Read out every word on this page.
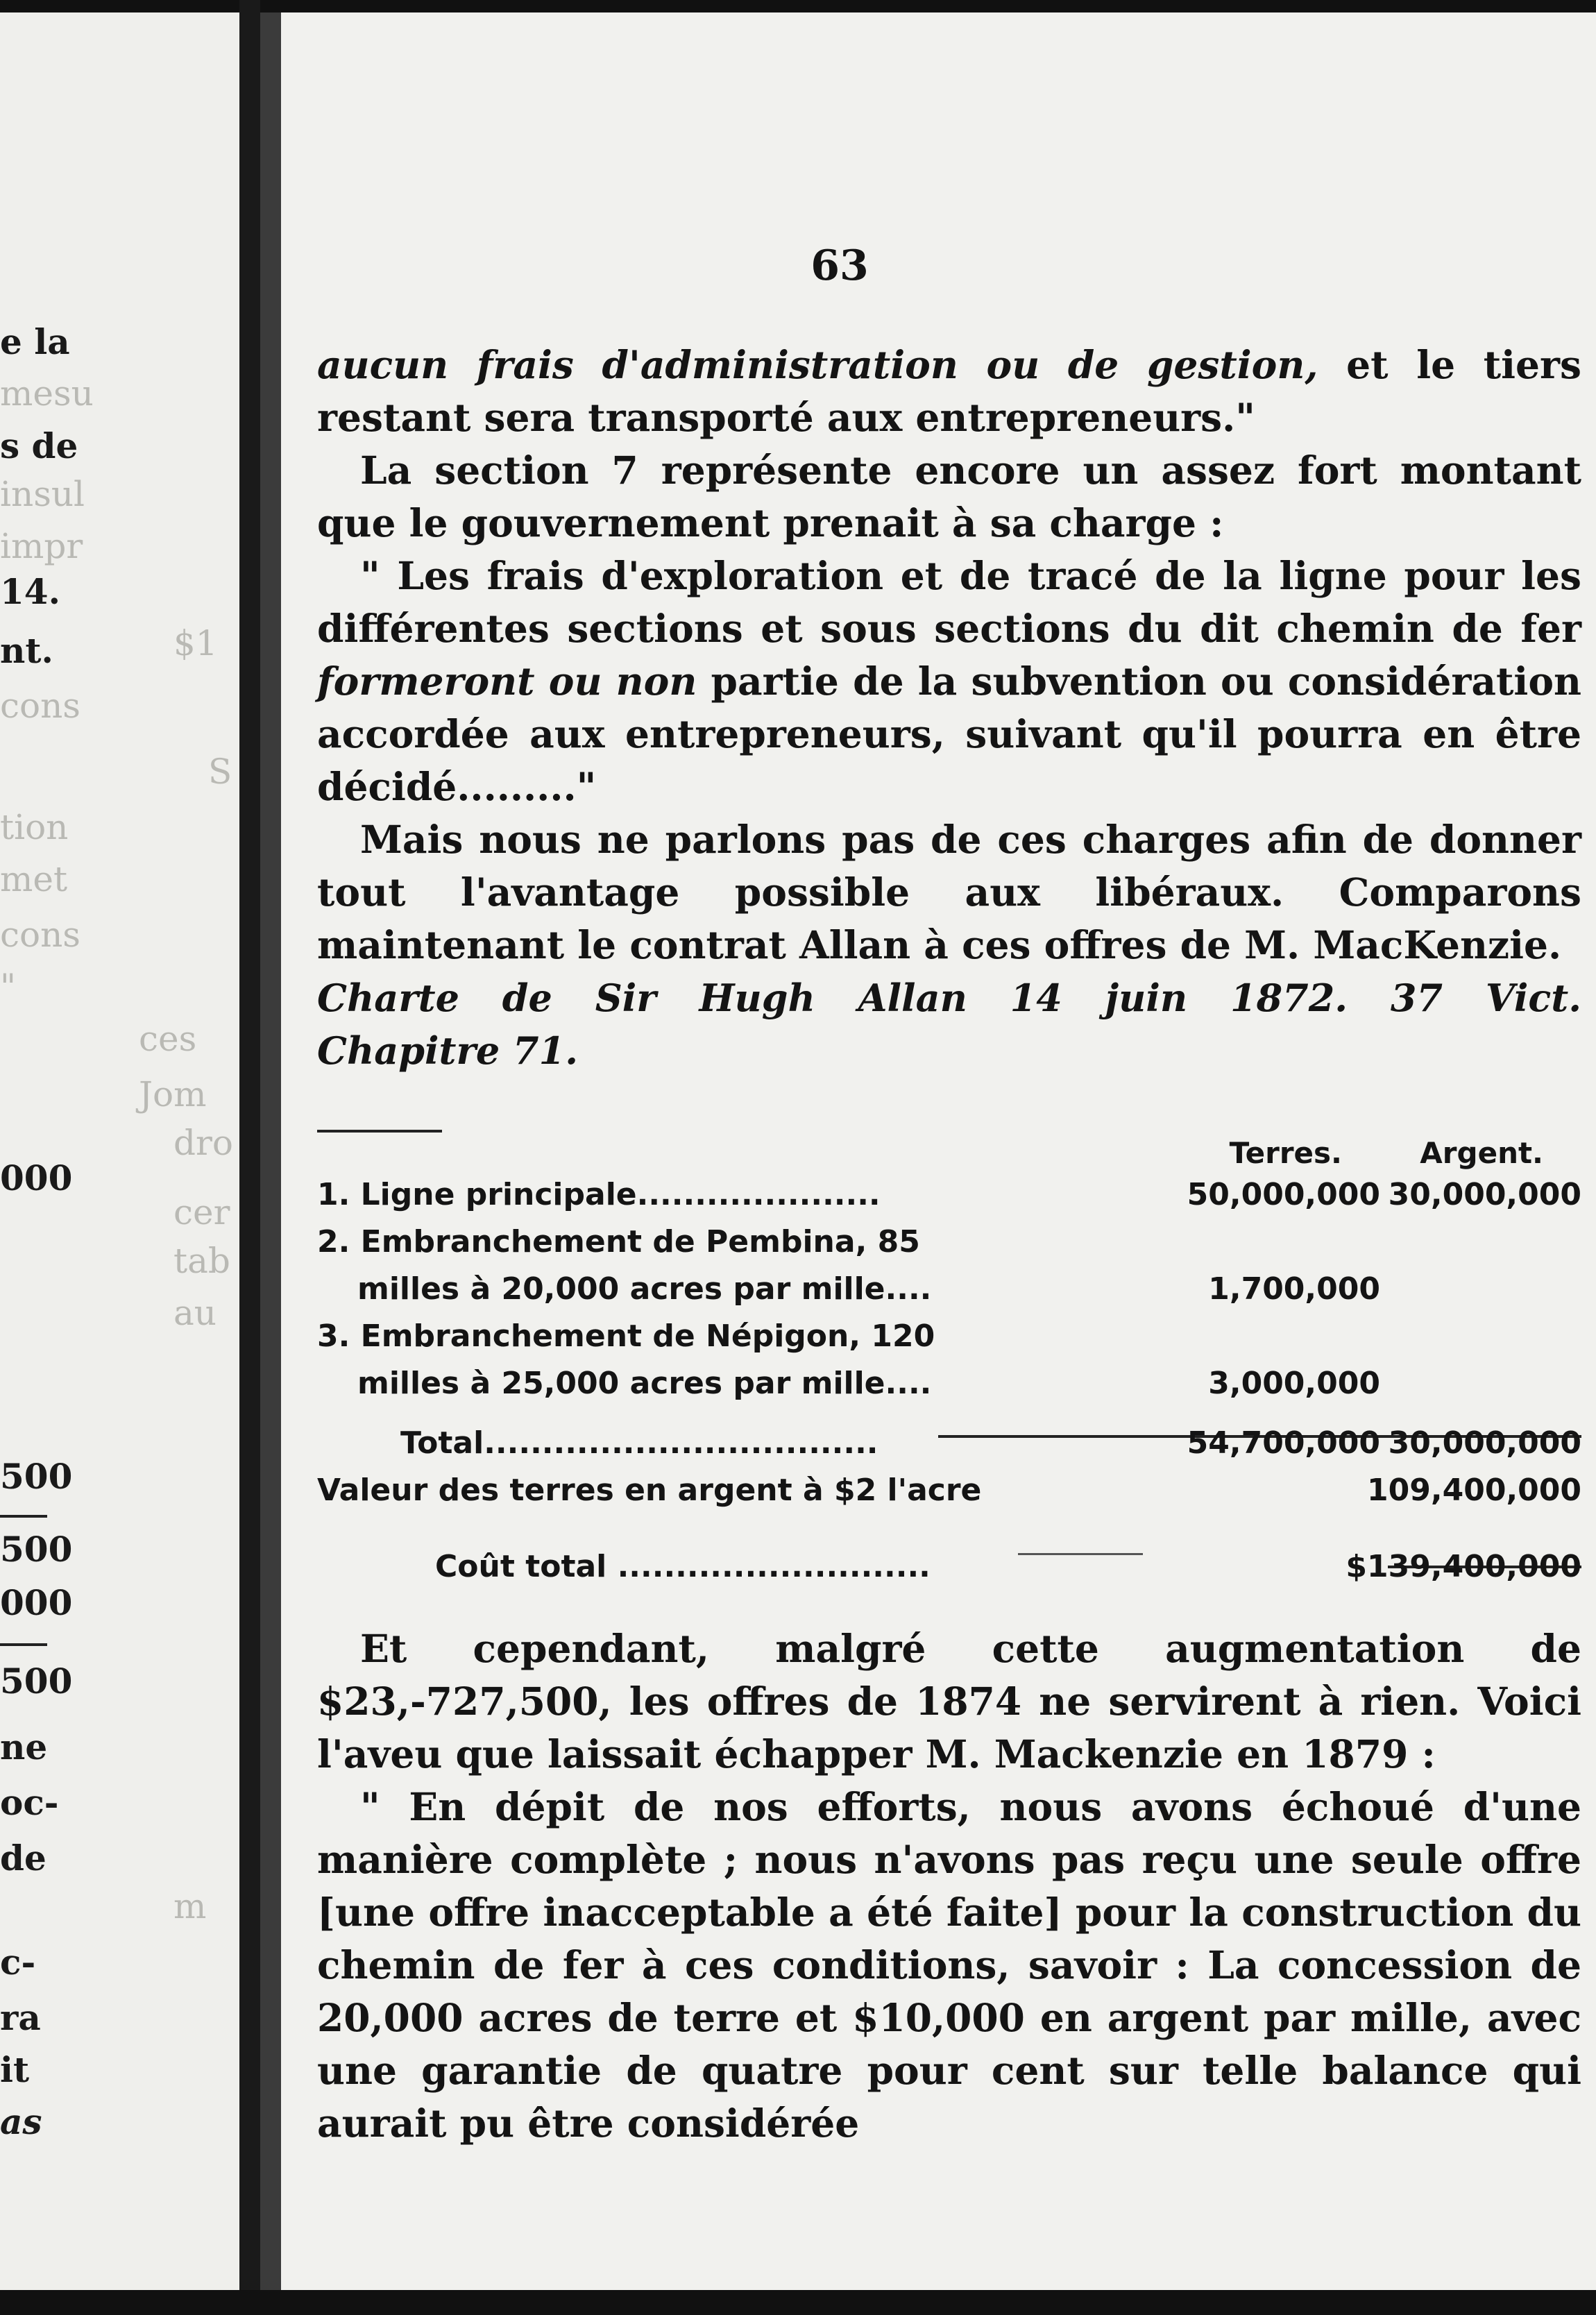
e la
mesu
s de
insul
impr
14.
$1
nt.
cons
S
tion
met
cons
"
ces
Jom
dro
000
cer
tab
au
500
500
000
500
ne
oc-
de
m
c-
ra
it
as
63

aucun frais d'administration ou de gestion, et le tiers restant sera transporté aux entrepreneurs."

La section 7 représente encore un assez fort montant que le gouvernement prenait à sa charge :

" Les frais d'exploration et de tracé de la ligne pour les différentes sections et sous sections du dit chemin de fer formeront ou non partie de la subvention ou considération accordée aux entrepreneurs, suivant qu'il pourra en être décidé........."

Mais nous ne parlons pas de ces charges afin de donner tout l'avantage possible aux libéraux. Comparons maintenant le contrat Allan à ces offres de M. MacKenzie.

Charte de Sir Hugh Allan 14 juin 1872. 37 Vict.

Chapitre 71.

Terres.	Argent.
1. Ligne principale.....................	50,000,000 30,000,000
2. Embranchement de Pembina, 85
milles à 20,000 acres par mille....	1,700,000
3. Embranchement de Népigon, 120
milles à 25,000 acres par mille....	3,000,000
Total..................................	54,700,000 30,000,000
Valeur des terres en argent à $2 l'acre	109,400,000
Coût total ...........................	$139,400,000

Et cependant, malgré cette augmentation de $23,-727,500, les offres de 1874 ne servirent à rien. Voici l'aveu que laissait échapper M. Mackenzie en 1879 :

" En dépit de nos efforts, nous avons échoué d'une manière complète ; nous n'avons pas reçu une seule offre [une offre inacceptable a été faite] pour la construction du chemin de fer à ces conditions, savoir : La concession de 20,000 acres de terre et $10,000 en argent par mille, avec une garantie de quatre pour cent sur telle balance qui aurait pu être considérée
